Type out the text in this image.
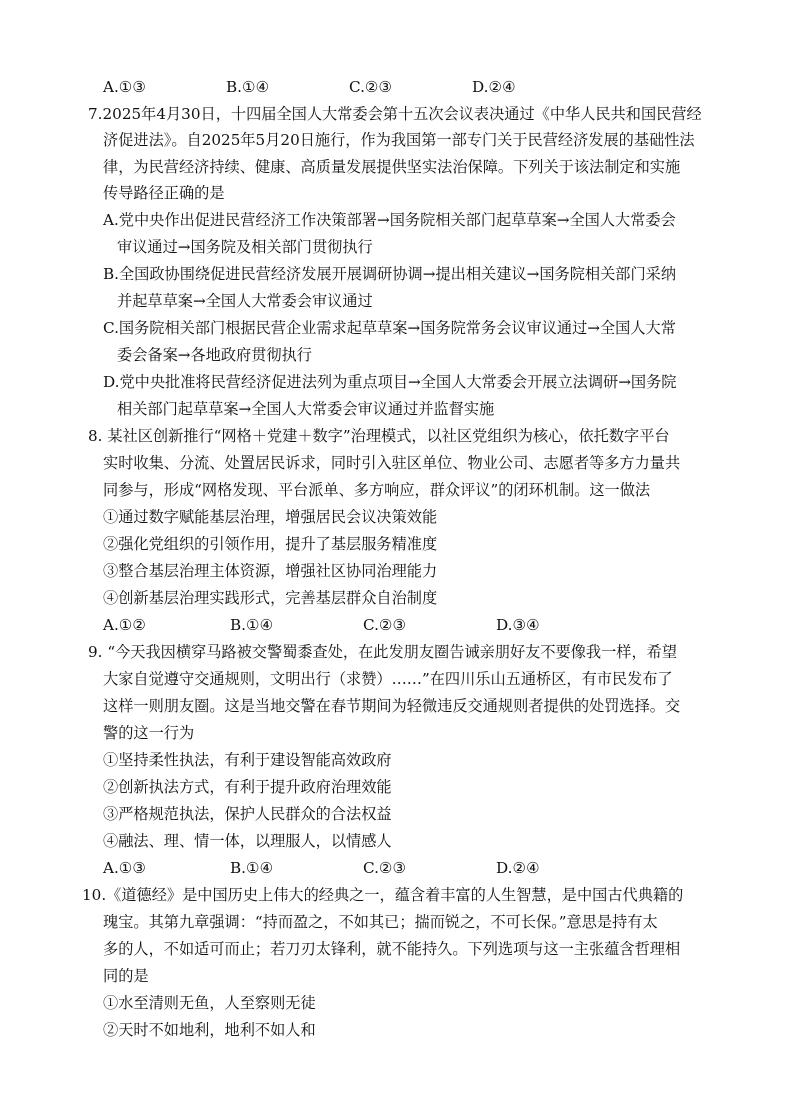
A.①③	B.①④	C.②③	D.②④
7.2025年4月30日，十四届全国人大常委会第十五次会议表决通过《中华人民共和国民营经
济促进法》。自2025年5月20日施行，作为我国第一部专门关于民营经济发展的基础性法
律，为民营经济持续、健康、高质量发展提供坚实法治保障。下列关于该法制定和实施
传导路径正确的是
A.党中央作出促进民营经济工作决策部署→国务院相关部门起草草案→全国人大常委会
审议通过→国务院及相关部门贯彻执行
B.全国政协围绕促进民营经济发展开展调研协调→提出相关建议→国务院相关部门采纳
并起草草案→全国人大常委会审议通过
C.国务院相关部门根据民营企业需求起草草案→国务院常务会议审议通过→全国人大常
委会备案→各地政府贯彻执行
D.党中央批准将民营经济促进法列为重点项目→全国人大常委会开展立法调研→国务院
相关部门起草草案→全国人大常委会审议通过并监督实施
8. 某社区创新推行“网格＋党建＋数字”治理模式，以社区党组织为核心，依托数字平台
实时收集、分流、处置居民诉求，同时引入驻区单位、物业公司、志愿者等多方力量共
同参与，形成“网格发现、平台派单、多方响应，群众评议”的闭环机制。这一做法
①通过数字赋能基层治理，增强居民会议决策效能
②强化党组织的引领作用，提升了基层服务精准度
③整合基层治理主体资源，增强社区协同治理能力
④创新基层治理实践形式，完善基层群众自治制度
A.①②	B.①④	C.②③	D.③④
9. “今天我因横穿马路被交警蜀黍查处，在此发朋友圈告诫亲朋好友不要像我一样，希望
大家自觉遵守交通规则，文明出行（求赞）……”在四川乐山五通桥区，有市民发布了
这样一则朋友圈。这是当地交警在春节期间为轻微违反交通规则者提供的处罚选择。交
警的这一行为
①坚持柔性执法，有利于建设智能高效政府
②创新执法方式，有利于提升政府治理效能
③严格规范执法，保护人民群众的合法权益
④融法、理、情一体，以理服人，以情感人
A.①③	B.①④	C.②③	D.②④
10.《道德经》是中国历史上伟大的经典之一，蕴含着丰富的人生智慧，是中国古代典籍的
瑰宝。其第九章强调：“持而盈之，不如其已；揣而锐之，不可长保。”意思是持有太
多的人，不如适可而止；若刀刃太锋利，就不能持久。下列选项与这一主张蕴含哲理相
同的是
①水至清则无鱼，人至察则无徒
②天时不如地利，地利不如人和
